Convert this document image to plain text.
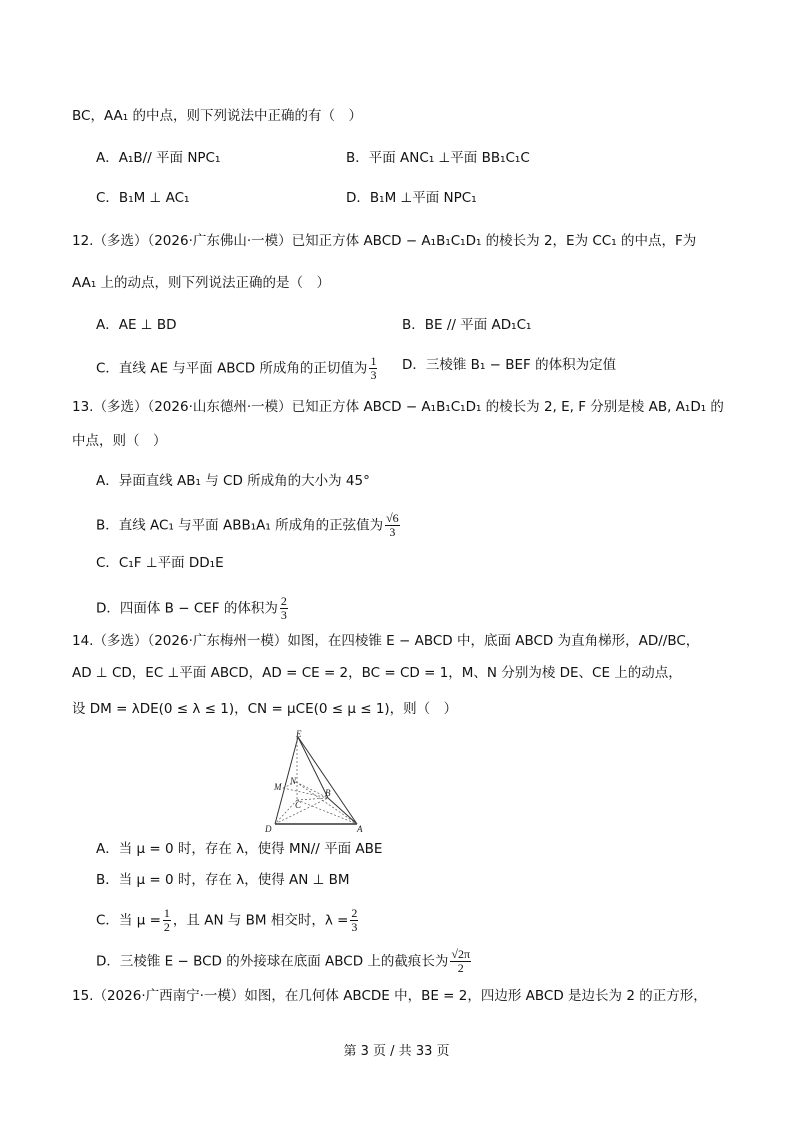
BC，AA₁ 的中点，则下列说法中正确的有（　）
A．A₁B// 平面 NPC₁	B．平面 ANC₁ ⊥平面 BB₁C₁C
C．B₁M ⊥ AC₁	D．B₁M ⊥平面 NPC₁
12.（多选）（2026·广东佛山·一模）已知正方体 ABCD − A₁B₁C₁D₁ 的棱长为 2，E为 CC₁ 的中点，F为
AA₁ 上的动点，则下列说法正确的是（　）
A．AE ⊥ BD	B．BE // 平面 AD₁C₁
C．直线 AE 与平面 ABCD 所成角的正切值为 $\frac{1}{3}$ D．三棱锥 B₁ − BEF 的体积为定值
13.（多选）（2026·山东德州·一模）已知正方体 ABCD − A₁B₁C₁D₁ 的棱长为 2, E, F 分别是棱 AB, A₁D₁ 的
中点，则（　）
A．异面直线 AB₁ 与 CD 所成角的大小为 45°
B．直线 AC₁ 与平面 ABB₁A₁ 所成角的正弦值为 $\frac{√6}{3}$
C．C₁F ⊥平面 DD₁E
D．四面体 B − CEF 的体积为 $\frac{2}{3}$
14.（多选）（2026·广东梅州一模）如图，在四棱锥 E − ABCD 中，底面 ABCD 为直角梯形，AD//BC，
AD ⊥ CD，EC ⊥平面 ABCD，AD = CE = 2，BC = CD = 1，M、N 分别为棱 DE、CE 上的动点，
设 DM = λDE(0 ≤ λ ≤ 1)，CN = μCE(0 ≤ μ ≤ 1)，则（　）
A．当 μ = 0 时，存在 λ，使得 MN// 平面 ABE
B．当 μ = 0 时，存在 λ，使得 AN ⊥ BM
C．当 $\mu = \frac{1}{2}$ ，且 AN 与 BM 相交时，$\lambda = \frac{2}{3}$
D．三棱锥 E − BCD 的外接球在底面 ABCD 上的截痕长为 $\frac{√2\pi}{2}$
15.（2026·广西南宁·一模）如图，在几何体 ABCDE 中，BE = 2，四边形 ABCD 是边长为 2 的正方形，
E
N
M
B
C
D	A
第 3 页 / 共 33 页
